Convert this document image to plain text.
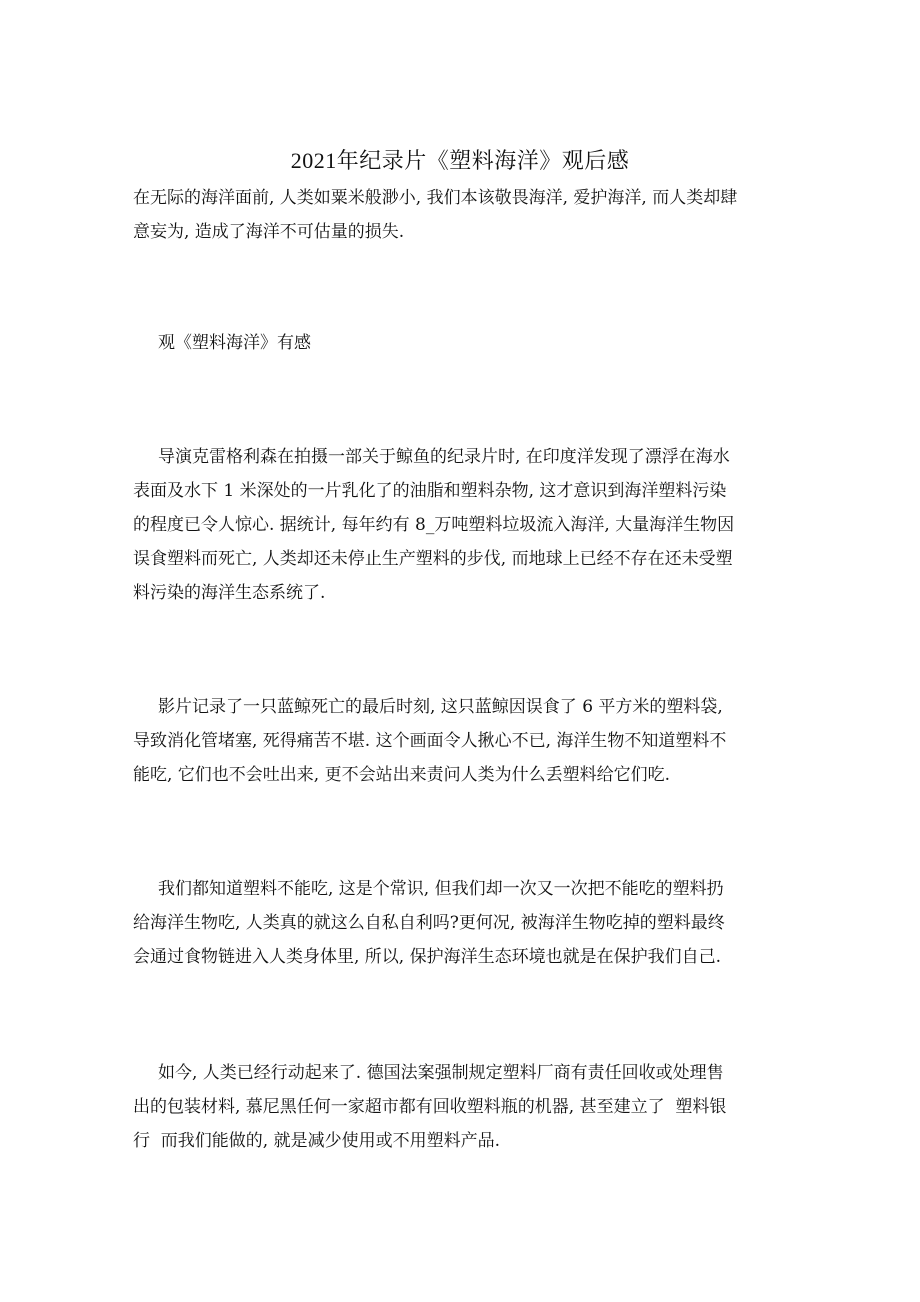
2021年纪录片《塑料海洋》观后感
在无际的海洋面前, 人类如粟米般渺小, 我们本该敬畏海洋, 爱护海洋, 而人类却肆
意妄为, 造成了海洋不可估量的损失.
观《塑料海洋》有感
导演克雷格利森在拍摄一部关于鲸鱼的纪录片时, 在印度洋发现了漂浮在海水
表面及水下 1 米深处的一片乳化了的油脂和塑料杂物, 这才意识到海洋塑料污染
的程度已令人惊心. 据统计, 每年约有 8_万吨塑料垃圾流入海洋, 大量海洋生物因
误食塑料而死亡, 人类却还未停止生产塑料的步伐, 而地球上已经不存在还未受塑
料污染的海洋生态系统了.
影片记录了一只蓝鲸死亡的最后时刻, 这只蓝鲸因误食了 6 平方米的塑料袋,
导致消化管堵塞, 死得痛苦不堪. 这个画面令人揪心不已, 海洋生物不知道塑料不
能吃, 它们也不会吐出来, 更不会站出来责问人类为什么丢塑料给它们吃.
我们都知道塑料不能吃, 这是个常识, 但我们却一次又一次把不能吃的塑料扔
给海洋生物吃, 人类真的就这么自私自利吗?更何况, 被海洋生物吃掉的塑料最终
会通过食物链进入人类身体里, 所以, 保护海洋生态环境也就是在保护我们自己.
如今, 人类已经行动起来了. 德国法案强制规定塑料厂商有责任回收或处理售
出的包装材料, 慕尼黑任何一家超市都有回收塑料瓶的机器, 甚至建立了  塑料银
行  而我们能做的, 就是减少使用或不用塑料产品.
